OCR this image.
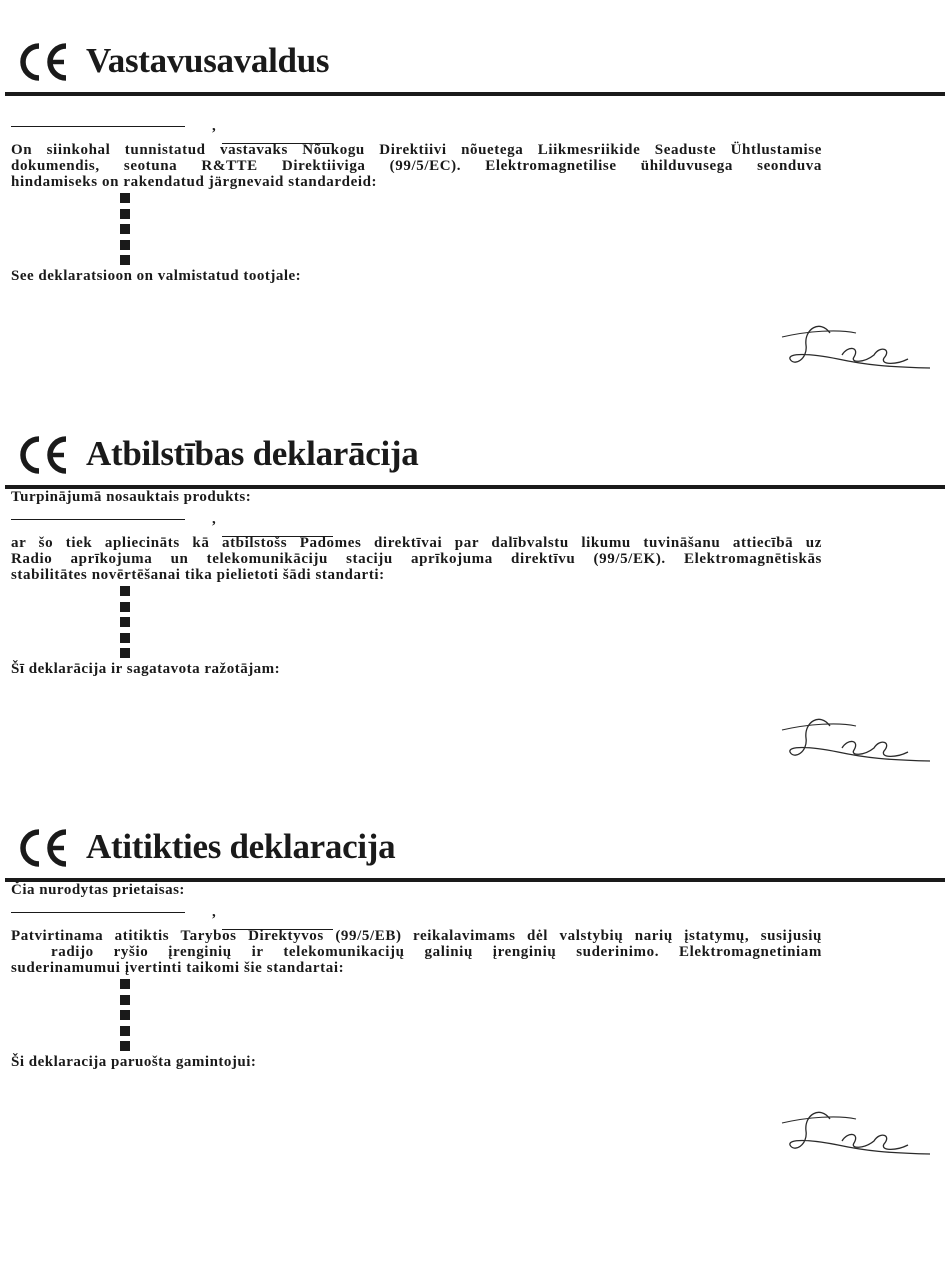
Vastavusavaldus

,

On siinkohal tunnistatud vastavaks Nõukogu Direktiivi nõuetega Liikmesriikide Seaduste Ühtlustamise
dokumendis, seotuna R&TTE Direktiiviga (99/5/EC). Elektromagnetilise ühilduvusega seonduva
hindamiseks on rakendatud järgnevaid standardeid:

See deklaratsioon on valmistatud tootjale:

Atbilstības deklarācija

Turpinājumā nosauktais produkts:

,

ar šo tiek apliecināts kā atbilstošs Padomes direktīvai par dalībvalstu likumu tuvināšanu attiecībā uz
Radio aprīkojuma un telekomunikāciju staciju aprīkojuma direktīvu (99/5/EK). Elektromagnētiskās
stabilitātes novērtēšanai tika pielietoti šādi standarti:

Šī deklarācija ir sagatavota ražotājam:

Atitikties deklaracija

Čia nurodytas prietaisas:

,

Patvirtinama atitiktis Tarybos Direktyvos (99/5/EB) reikalavimams dėl valstybių narių įstatymų, susijusių
radijo ryšio įrenginių ir telekomunikacijų galinių įrenginių suderinimo. Elektromagnetiniam
suderinamumui įvertinti taikomi šie standartai:

Ši deklaracija paruošta gamintojui:
